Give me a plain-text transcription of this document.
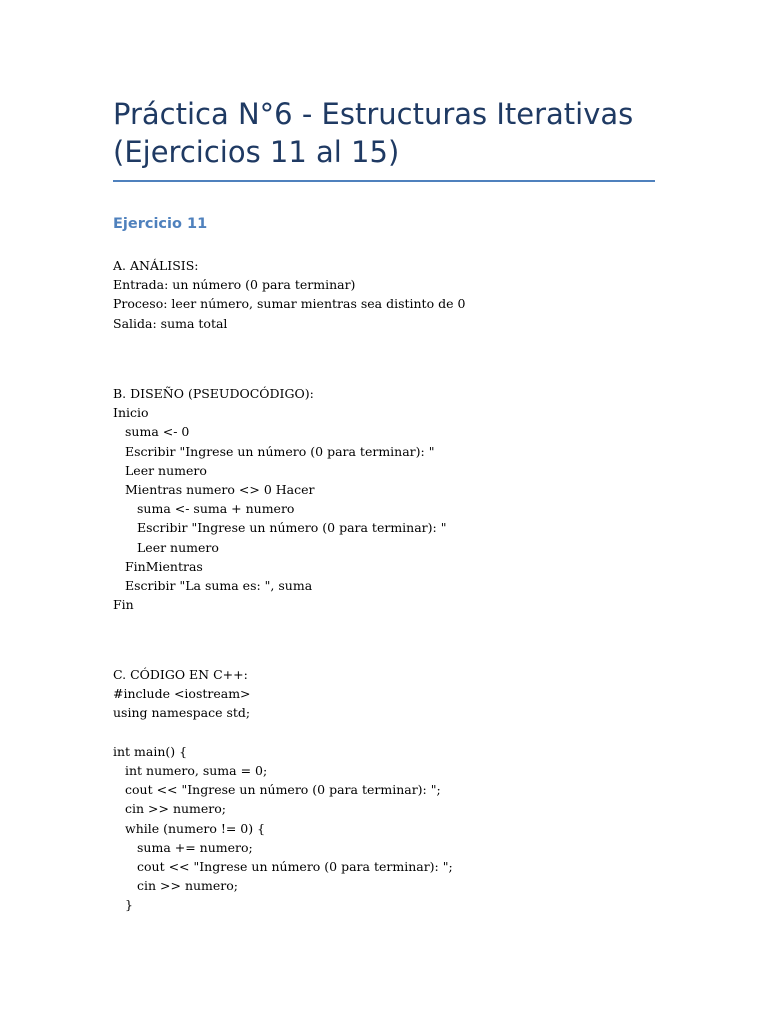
Práctica N°6 - Estructuras Iterativas
(Ejercicios 11 al 15)
Ejercicio 11
A. ANÁLISIS:
Entrada: un número (0 para terminar)
Proceso: leer número, sumar mientras sea distinto de 0
Salida: suma total
B. DISEÑO (PSEUDOCÓDIGO):
Inicio
suma <- 0
Escribir "Ingrese un número (0 para terminar): "
Leer numero
Mientras numero <> 0 Hacer
suma <- suma + numero
Escribir "Ingrese un número (0 para terminar): "
Leer numero
FinMientras
Escribir "La suma es: ", suma
Fin
C. CÓDIGO EN C++:
#include <iostream>
using namespace std;
int main() {
int numero, suma = 0;
cout << "Ingrese un número (0 para terminar): ";
cin >> numero;
while (numero != 0) {
suma += numero;
cout << "Ingrese un número (0 para terminar): ";
cin >> numero;
}
